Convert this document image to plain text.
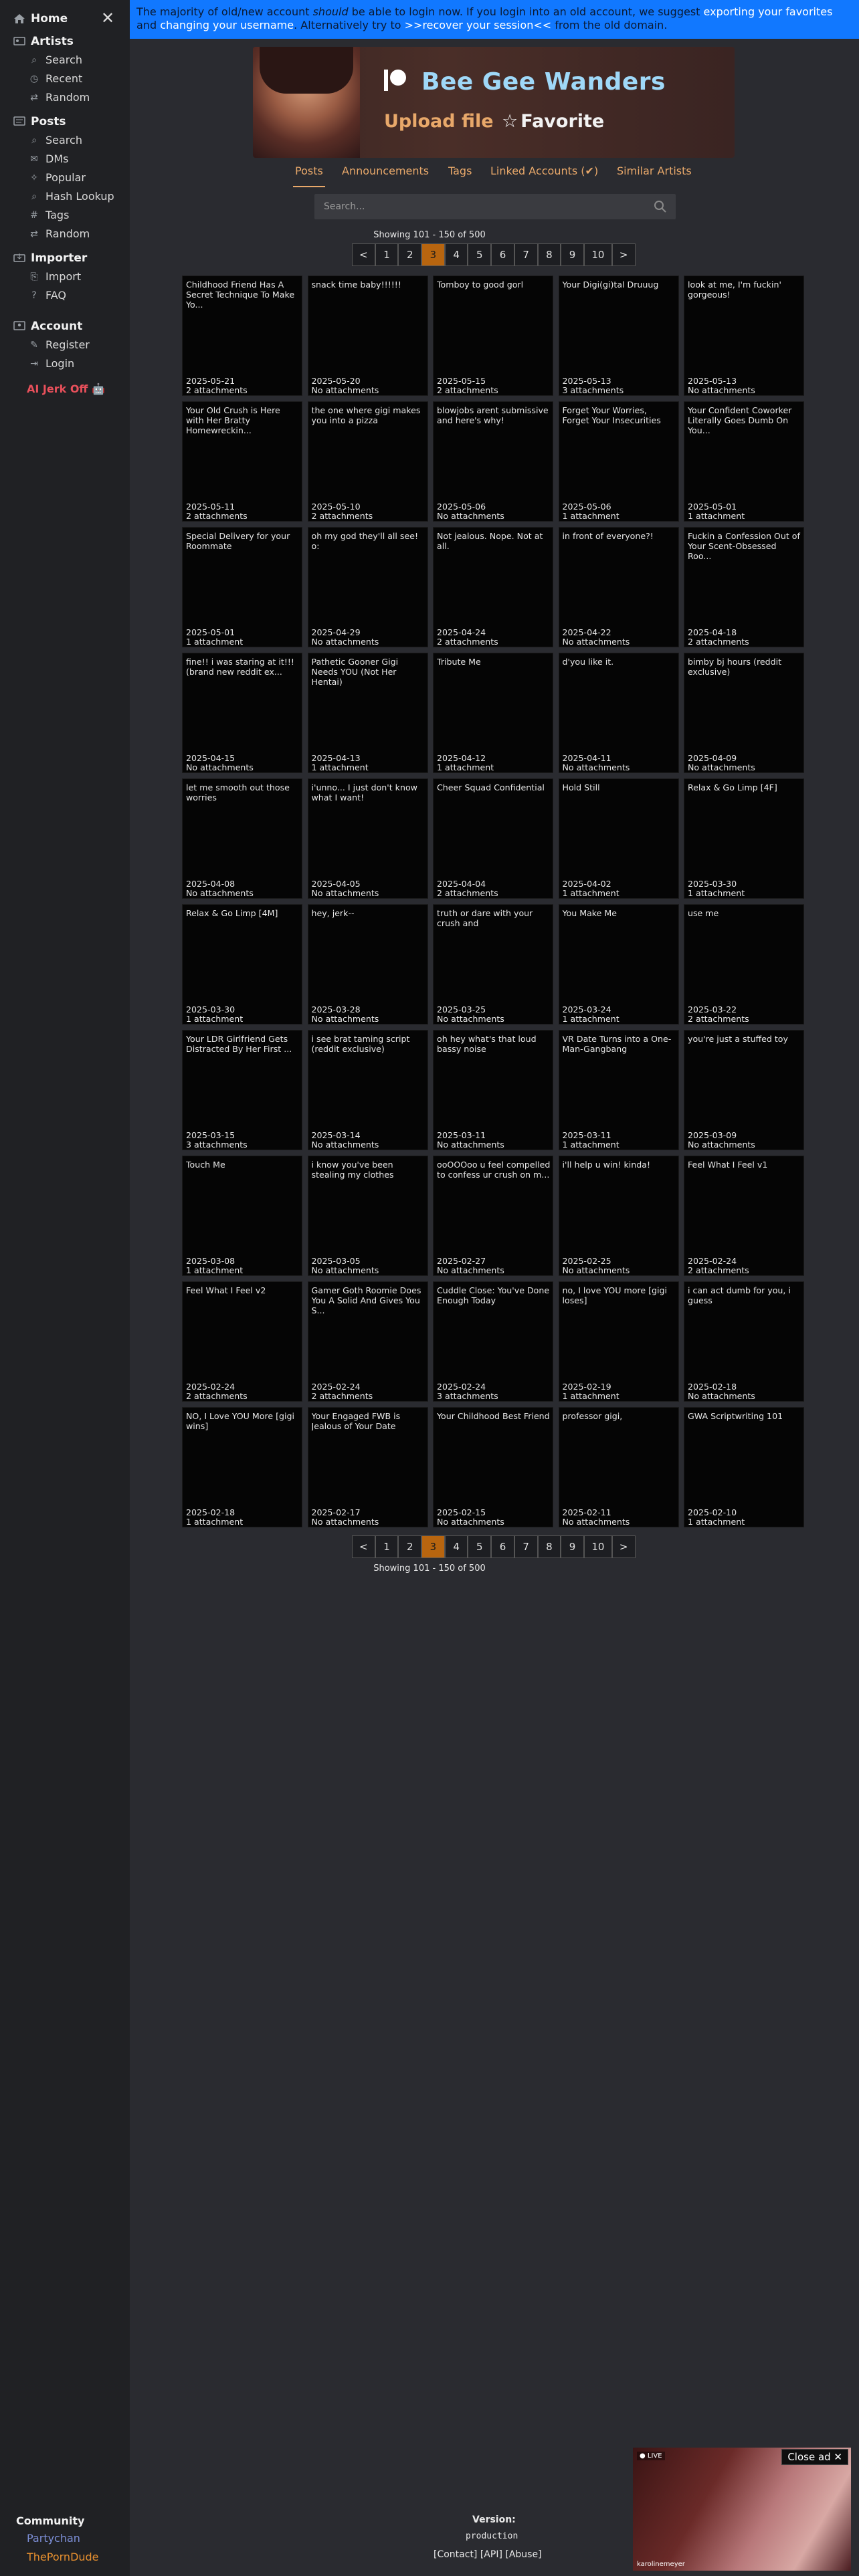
Home ✕
Artists
⌕ Search
◷ Recent
⇄ Random
Posts
⌕ Search
✉ DMs
✧ Popular
⌕ Hash Lookup
# Tags
⇄ Random
Importer
⎘ Import
? FAQ
Account
✎ Register
⇥ Login
AI Jerk Off 🤖
Community
Partychan
ThePornDude
The majority of old/new account should be able to login now. If you login into an old account, we suggest exporting your favorites and changing your username. Alternatively try to >>recover your session<< from the old domain.
Bee Gee Wanders
Upload file ☆ Favorite
Posts Announcements Tags Linked Accounts (✔) Similar Artists
Search...
Showing 101 - 150 of 500
<	1	2	3	4	5	6	7	8	9	10	>
Childhood Friend Has A Secret Technique To Make Yo...
2025-05-21
2 attachments
snack time baby!!!!!!
2025-05-20
No attachments
Tomboy to good gorl
2025-05-15
2 attachments
Your Digi(gi)tal Druuug
2025-05-13
3 attachments
look at me, I'm fuckin' gorgeous!
2025-05-13
No attachments
Your Old Crush is Here with Her Bratty Homewreckin...
2025-05-11
2 attachments
the one where gigi makes you into a pizza
2025-05-10
2 attachments
blowjobs arent submissive and here's why!
2025-05-06
No attachments
Forget Your Worries, Forget Your Insecurities
2025-05-06
1 attachment
Your Confident Coworker Literally Goes Dumb On You...
2025-05-01
1 attachment
Special Delivery for your Roommate
2025-05-01
1 attachment
oh my god they'll all see! o:
2025-04-29
No attachments
Not jealous. Nope. Not at all.
2025-04-24
2 attachments
in front of everyone?!
2025-04-22
No attachments
Fuckin a Confession Out of Your Scent-Obsessed Roo...
2025-04-18
2 attachments
fine!! i was staring at it!!! (brand new reddit ex...
2025-04-15
No attachments
Pathetic Gooner Gigi Needs YOU (Not Her Hentai)
2025-04-13
1 attachment
Tribute Me
2025-04-12
1 attachment
d'you like it.
2025-04-11
No attachments
bimby bj hours (reddit exclusive)
2025-04-09
No attachments
let me smooth out those worries
2025-04-08
No attachments
i'unno... I just don't know what I want!
2025-04-05
No attachments
Cheer Squad Confidential
2025-04-04
2 attachments
Hold Still
2025-04-02
1 attachment
Relax & Go Limp [4F]
2025-03-30
1 attachment
Relax & Go Limp [4M]
2025-03-30
1 attachment
hey, jerk--
2025-03-28
No attachments
truth or dare with your crush and
2025-03-25
No attachments
You Make Me
2025-03-24
1 attachment
use me
2025-03-22
2 attachments
Your LDR Girlfriend Gets Distracted By Her First ...
2025-03-15
3 attachments
i see brat taming script (reddit exclusive)
2025-03-14
No attachments
oh hey what's that loud bassy noise
2025-03-11
No attachments
VR Date Turns into a One-Man-Gangbang
2025-03-11
1 attachment
you're just a stuffed toy
2025-03-09
No attachments
Touch Me
2025-03-08
1 attachment
i know you've been stealing my clothes
2025-03-05
No attachments
ooOOOoo u feel compelled to confess ur crush on m...
2025-02-27
No attachments
i'll help u win! kinda!
2025-02-25
No attachments
Feel What I Feel v1
2025-02-24
2 attachments
Feel What I Feel v2
2025-02-24
2 attachments
Gamer Goth Roomie Does You A Solid And Gives You S...
2025-02-24
2 attachments
Cuddle Close: You've Done Enough Today
2025-02-24
3 attachments
no, I love YOU more [gigi loses]
2025-02-19
1 attachment
i can act dumb for you, i guess
2025-02-18
No attachments
NO, I Love YOU More [gigi wins]
2025-02-18
1 attachment
Your Engaged FWB is Jealous of Your Date
2025-02-17
No attachments
Your Childhood Best Friend
2025-02-15
No attachments
professor gigi,
2025-02-11
No attachments
GWA Scriptwriting 101
2025-02-10
1 attachment
Showing 101 - 150 of 500
<	1	2	3	4	5	6	7	8	9	10	>
Version:
production
[Contact] [API] [Abuse]
● LIVE	Close ad ✕
karolinemeyer
